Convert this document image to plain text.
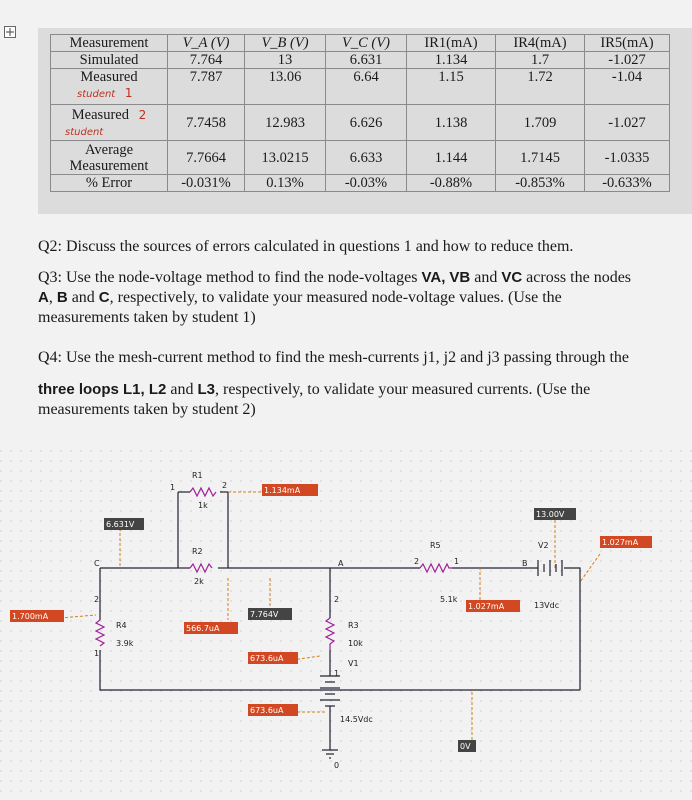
Measurement	V_A (V)	V_B (V)	V_C (V)	IR1(mA)	IR4(mA)	IR5(mA)
Simulated	7.764	13	6.631	1.134	1.7	-1.027
Measured
student 1	7.787	13.06	6.64	1.15	1.72	-1.04
Measured 2
student	7.7458	12.983	6.626	1.138	1.709	-1.027
Average Measurement	7.7664	13.0215	6.633	1.144	1.7145	-1.0335
% Error	-0.031%	0.13%	-0.03%	-0.88%	-0.853%	-0.633%
Q2: Discuss the sources of errors calculated in questions 1 and how to reduce them.
Q3: Use the node-voltage method to find the node-voltages VA, VB and VC across the nodes
A, B and C, respectively, to validate your measured node-voltage values. (Use the
measurements taken by student 1)
Q4: Use the mesh-current method to find the mesh-currents j1, j2 and j3 passing through the
three loops L1, L2 and L3, respectively, to validate your measured currents. (Use the
measurements taken by student 2)
1.134mA
6.631V
13.00V
1.027mA
1.027mA
1.700mA
566.7uA
7.764V
673.6uA
673.6uA
0V
R1
1k
1	2
R2
2k
R3
10k
R4
3.9k
R5
5.1k
V1
14.5Vdc
V2
13Vdc
A	B
C
0
2
1
2
1
2	1
